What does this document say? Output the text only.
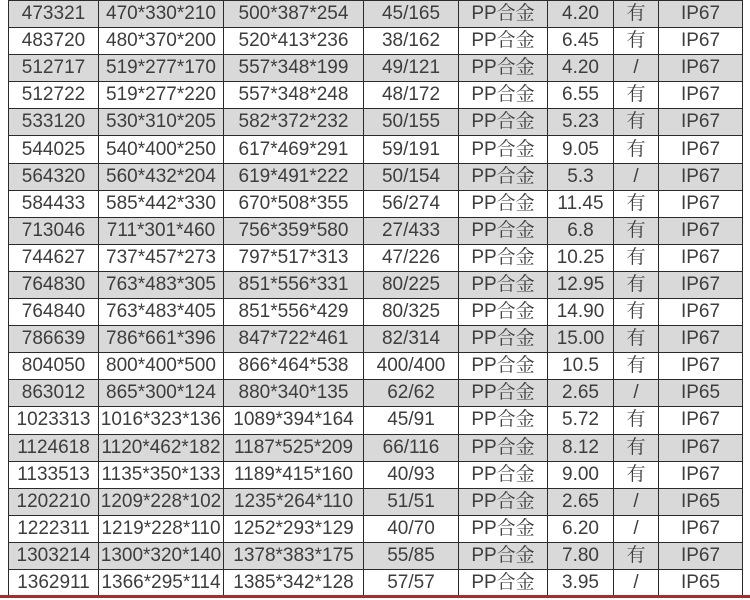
473321	470*330*210	500*387*254	45/165	PP合金	4.20	有	IP67
483720	480*370*200	520*413*236	38/162	PP合金	6.45	有	IP67
512717	519*277*170	557*348*199	49/121	PP合金	4.20	/	IP67
512722	519*277*220	557*348*248	48/172	PP合金	6.55	有	IP67
533120	530*310*205	582*372*232	50/155	PP合金	5.23	有	IP67
544025	540*400*250	617*469*291	59/191	PP合金	9.05	有	IP67
564320	560*432*204	619*491*222	50/154	PP合金	5.3	/	IP67
584433	585*442*330	670*508*355	56/274	PP合金	11.45	有	IP67
713046	711*301*460	756*359*580	27/433	PP合金	6.8	有	IP67
744627	737*457*273	797*517*313	47/226	PP合金	10.25	有	IP67
764830	763*483*305	851*556*331	80/225	PP合金	12.95	有	IP67
764840	763*483*405	851*556*429	80/325	PP合金	14.90	有	IP67
786639	786*661*396	847*722*461	82/314	PP合金	15.00	有	IP67
804050	800*400*500	866*464*538	400/400	PP合金	10.5	有	IP67
863012	865*300*124	880*340*135	62/62	PP合金	2.65	/	IP65
1023313	1016*323*136	1089*394*164	45/91	PP合金	5.72	有	IP67
1124618	1120*462*182	1187*525*209	66/116	PP合金	8.12	有	IP67
1133513	1135*350*133	1189*415*160	40/93	PP合金	9.00	有	IP67
1202210	1209*228*102	1235*264*110	51/51	PP合金	2.65	/	IP65
1222311	1219*228*110	1252*293*129	40/70	PP合金	6.20	/	IP67
1303214	1300*320*140	1378*383*175	55/85	PP合金	7.80	有	IP67
1362911	1366*295*114	1385*342*128	57/57	PP合金	3.95	/	IP65
